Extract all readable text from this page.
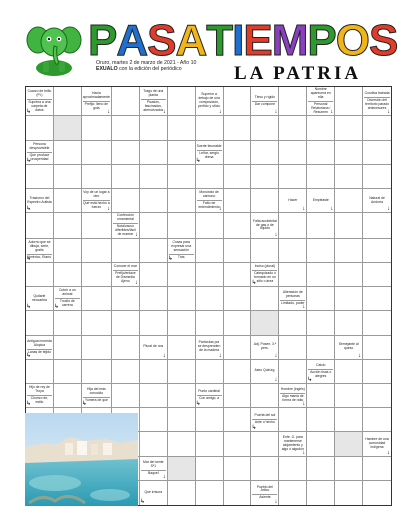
P A S A T I E M P O S
Oruro, martes 2 de marzo de 2021 - Año 10
EXUALO con la edición del periódico	LA PATRIA
Cuarzo de brillo (Pl.)
Suprima a una carpeta de datos
↳
Hacia aproximadamente
Prefijo: lleno de gula
↓
Trago de una planta
Picados, fascinados, aterrorizados ↓
Superior a debajo de una composición, perfido y oficio
↓
Tieso y rígido
Dar compone
↓
Nombre aparecerá en ella
Personal Relatoriana / Resumen ↓
Condiva trabada
Diversión del territorio parado antecesores
↓
Persona desprovisible
Que produce prosperidad
↳
Suerte favorable
Leñar, sergio drena
↳
Trastorno del Espectro Autista
↳
Voy de un lugar a otro
Que está hecho a fuerzo ↓
Monóxido de carbono
Falto de entendimiento
↓
Hacer
↓
Empleaste
↓
Natural de Andorra
↓
Confección ornamental
Nota/vacuo diferibles/fácil de marear ↓
Falta accidental de gas o de líquido
↓
Adorno que se dibuja, serie, gratis
Américo, Etano
↳
Cosas para expresar una sensación
Tras
↳
Conocer el mar
Prefijo/enlace de Dismedia Ajeno ↓
Inciso (plural)
Catequizado o formado en un sitio o área
↳
Quitarle neocarbia
↳
Cubrir a un animal
Trocito de carrera
↳
Alteración de personas
Limitado, poder
↓
Antigua moneda Alopica
Lanas de tejido
↳
Plural de nos
↓
Partículas por se desprenden de la madera
↓
Adj. Posee, 3.ª pers.
↓
Semejante al queso
↓
Aseo Quirúrg.
↓
Calcio
Acción risas o alegres
↳
Hijo de rey de Troya
Chorizo de, estilo
↳
Hija del más conocido
Yumera de que
↳
Punto cardinal
Con amigo, a
↳
Hombre (inglés)
Algo mania de forma de ratio
↓
Puerta del sol
Ante o hecho
↳
Enfe. O. para mantenerse alojamiento y algo o algodón
↓
Hambre de una comunidad indígena
↓
Mar del sente Sª1
Baquel
↓
Que irrisora
↳
Pueblo del Ártico
Asiente
↓
